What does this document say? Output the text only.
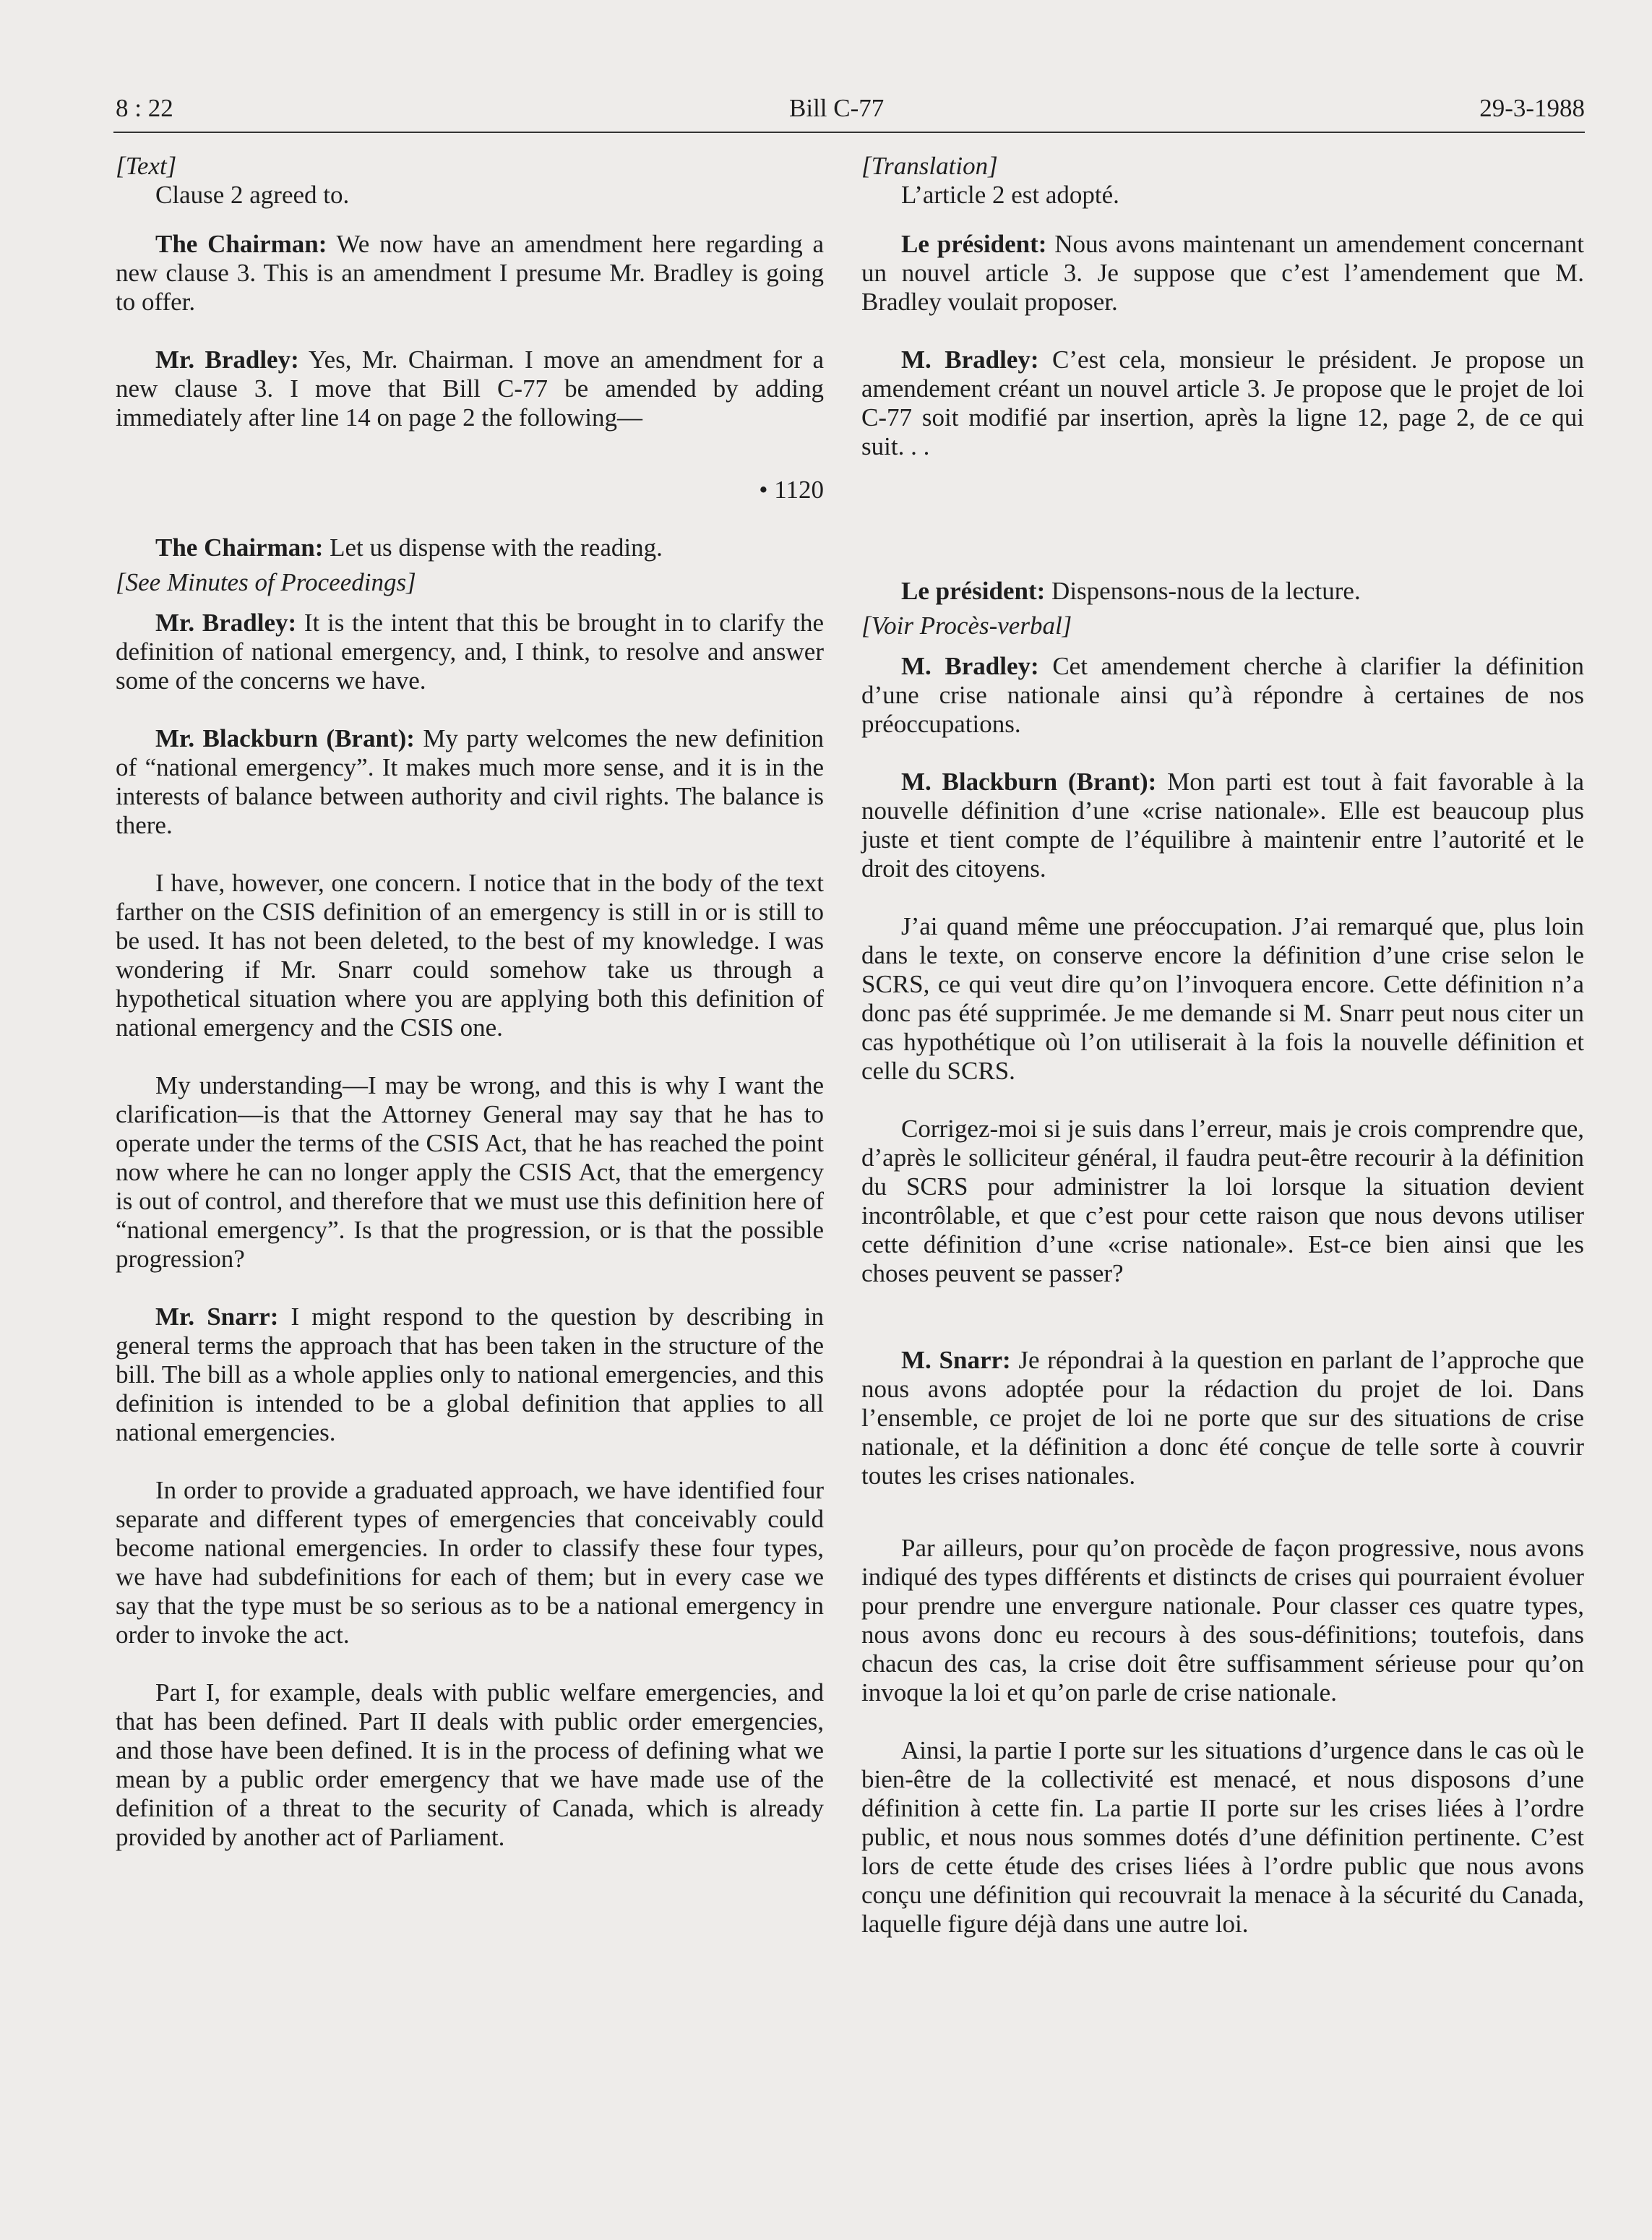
8 : 22	Bill C-77	29-3-1988

[Text]

Clause 2 agreed to.

The Chairman: We now have an amendment here regarding a new clause 3. This is an amendment I presume Mr. Bradley is going to offer.

Mr. Bradley: Yes, Mr. Chairman. I move an amendment for a new clause 3. I move that Bill C-77 be amended by adding immediately after line 14 on page 2 the following—

• 1120

The Chairman: Let us dispense with the reading.

[See Minutes of Proceedings]

Mr. Bradley: It is the intent that this be brought in to clarify the definition of national emergency, and, I think, to resolve and answer some of the concerns we have.

Mr. Blackburn (Brant): My party welcomes the new definition of “national emergency”. It makes much more sense, and it is in the interests of balance between authority and civil rights. The balance is there.

I have, however, one concern. I notice that in the body of the text farther on the CSIS definition of an emergency is still in or is still to be used. It has not been deleted, to the best of my knowledge. I was wondering if Mr. Snarr could somehow take us through a hypothetical situation where you are applying both this definition of national emergency and the CSIS one.

My understanding—I may be wrong, and this is why I want the clarification—is that the Attorney General may say that he has to operate under the terms of the CSIS Act, that he has reached the point now where he can no longer apply the CSIS Act, that the emergency is out of control, and therefore that we must use this definition here of “national emergency”. Is that the progression, or is that the possible progression?

Mr. Snarr: I might respond to the question by describing in general terms the approach that has been taken in the structure of the bill. The bill as a whole applies only to national emergencies, and this definition is intended to be a global definition that applies to all national emergencies.

In order to provide a graduated approach, we have identified four separate and different types of emergencies that conceivably could become national emergencies. In order to classify these four types, we have had subdefinitions for each of them; but in every case we say that the type must be so serious as to be a national emergency in order to invoke the act.

Part I, for example, deals with public welfare emergencies, and that has been defined. Part II deals with public order emergencies, and those have been defined. It is in the process of defining what we mean by a public order emergency that we have made use of the definition of a threat to the security of Canada, which is already provided by another act of Parliament.

[Translation]

L’article 2 est adopté.

Le président: Nous avons maintenant un amendement concernant un nouvel article 3. Je suppose que c’est l’amendement que M. Bradley voulait proposer.

M. Bradley: C’est cela, monsieur le président. Je propose un amendement créant un nouvel article 3. Je propose que le projet de loi C-77 soit modifié par insertion, après la ligne 12, page 2, de ce qui suit. . .

Le président: Dispensons-nous de la lecture.

[Voir Procès-verbal]

M. Bradley: Cet amendement cherche à clarifier la définition d’une crise nationale ainsi qu’à répondre à certaines de nos préoccupations.

M. Blackburn (Brant): Mon parti est tout à fait favorable à la nouvelle définition d’une «crise nationale». Elle est beaucoup plus juste et tient compte de l’équilibre à maintenir entre l’autorité et le droit des citoyens.

J’ai quand même une préoccupation. J’ai remarqué que, plus loin dans le texte, on conserve encore la définition d’une crise selon le SCRS, ce qui veut dire qu’on l’invoquera encore. Cette définition n’a donc pas été supprimée. Je me demande si M. Snarr peut nous citer un cas hypothétique où l’on utiliserait à la fois la nouvelle définition et celle du SCRS.

Corrigez-moi si je suis dans l’erreur, mais je crois comprendre que, d’après le solliciteur général, il faudra peut-être recourir à la définition du SCRS pour administrer la loi lorsque la situation devient incontrôlable, et que c’est pour cette raison que nous devons utiliser cette définition d’une «crise nationale». Est-ce bien ainsi que les choses peuvent se passer?

M. Snarr: Je répondrai à la question en parlant de l’approche que nous avons adoptée pour la rédaction du projet de loi. Dans l’ensemble, ce projet de loi ne porte que sur des situations de crise nationale, et la définition a donc été conçue de telle sorte à couvrir toutes les crises nationales.

Par ailleurs, pour qu’on procède de façon progressive, nous avons indiqué des types différents et distincts de crises qui pourraient évoluer pour prendre une envergure nationale. Pour classer ces quatre types, nous avons donc eu recours à des sous-définitions; toutefois, dans chacun des cas, la crise doit être suffisamment sérieuse pour qu’on invoque la loi et qu’on parle de crise nationale.

Ainsi, la partie I porte sur les situations d’urgence dans le cas où le bien-être de la collectivité est menacé, et nous disposons d’une définition à cette fin. La partie II porte sur les crises liées à l’ordre public, et nous nous sommes dotés d’une définition pertinente. C’est lors de cette étude des crises liées à l’ordre public que nous avons conçu une définition qui recouvrait la menace à la sécurité du Canada, laquelle figure déjà dans une autre loi.
